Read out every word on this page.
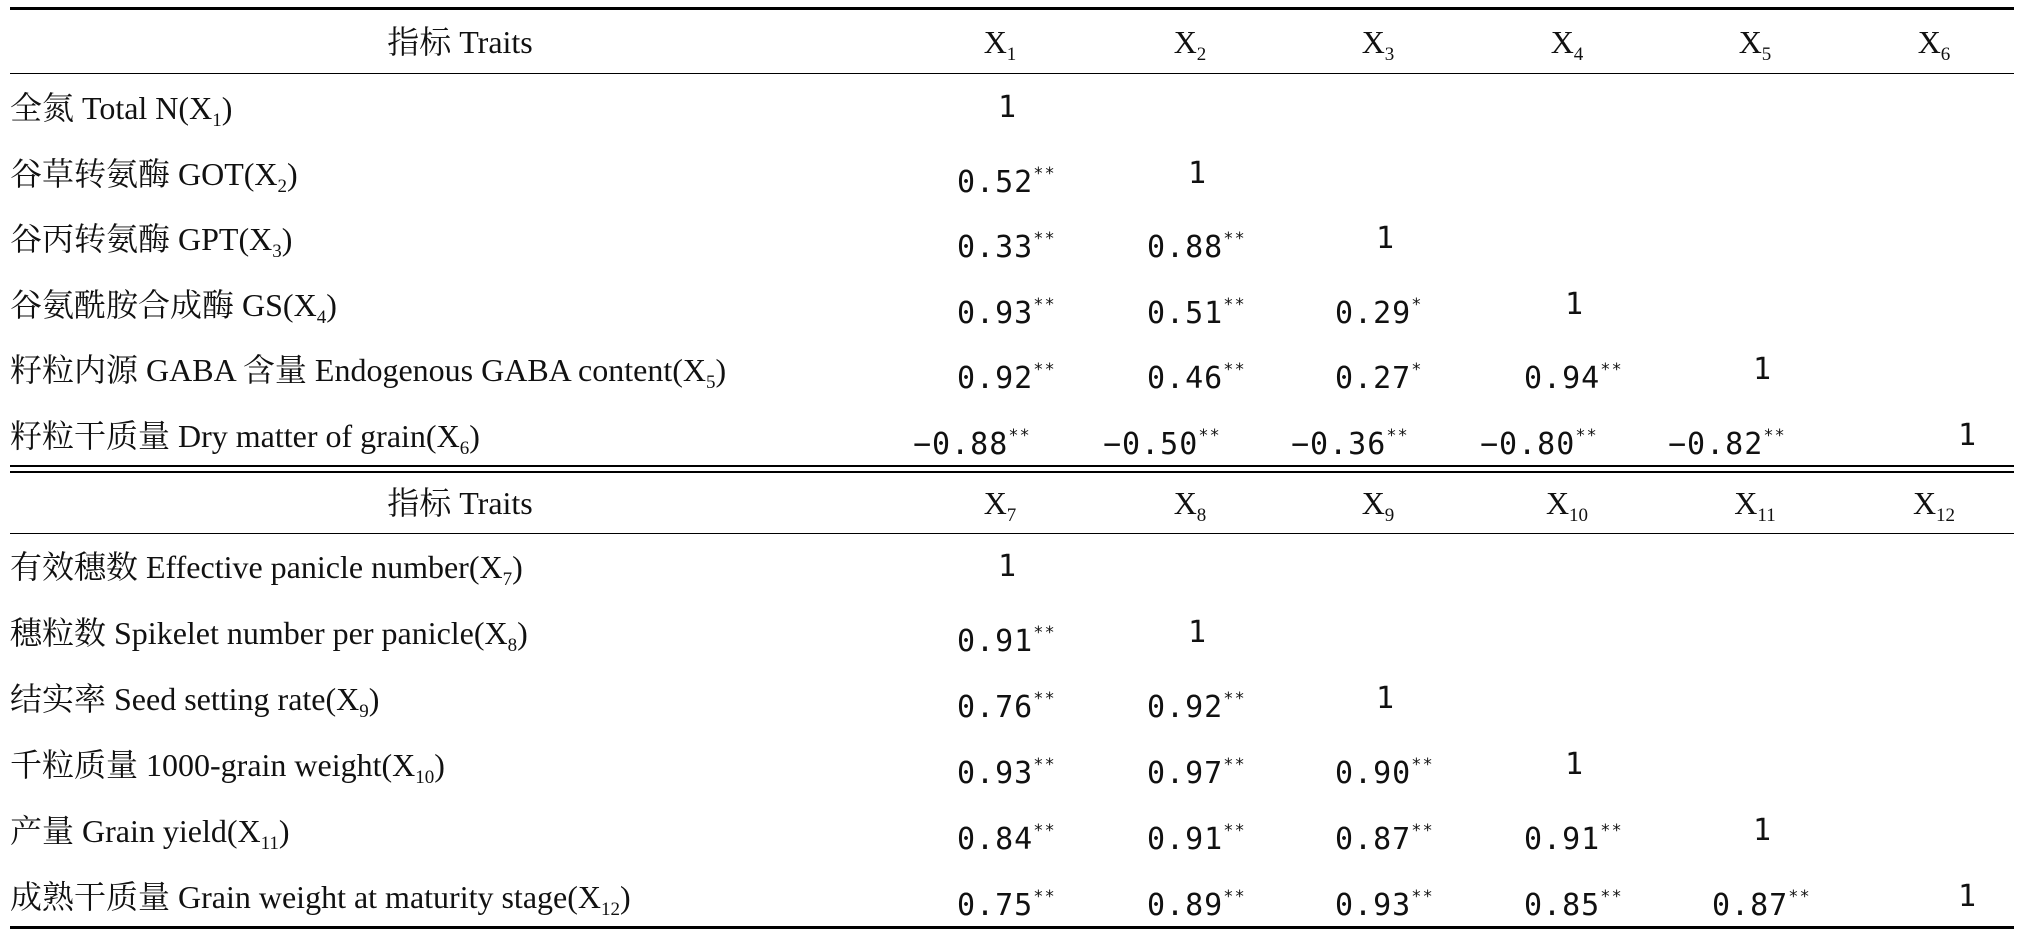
指标 Traits	$X_1$	$X_2$	$X_3$	$X_4$	$X_5$	$X_6$
全氮 Total $N(X_1)$	1
谷草转氨酶 $GOT(X_2)$	0.52**	1
谷丙转氨酶 $GPT(X_3)$	0.33**	0.88**	1
谷氨酰胺合成酶 $GS(X_4)$	0.93**	0.51**	0.29*	1
籽粒内源 GABA 含量 Endogenous GABA $content(X_5)$	0.92**	0.46**	0.27*	0.94**	1
籽粒干质量 Dry matter of $grain(X_6)$	−0.88** −0.50** −0.36** −0.80** −0.82**	1
指标 Traits	$X_7$	$X_8$	$X_9$	$X_{10}$	$X_{11}$	$X_{12}$
有效穗数 Effective panicle $number(X_7)$	1
穗粒数 Spikelet number per $panicle(X_8)$	0.91**	1
结实率 Seed setting $rate(X_9)$	0.76**	0.92**	1
千粒质量 1000-grain $weight(X_{10})$	0.93**	0.97**	0.90**	1
产量 Grain $yield(X_{11})$	0.84**	0.91**	0.87**	0.91**	1
成熟干质量 Grain weight at maturity $stage(X_{12})$	0.75**	0.89**	0.93**	0.85**	0.87**	1
